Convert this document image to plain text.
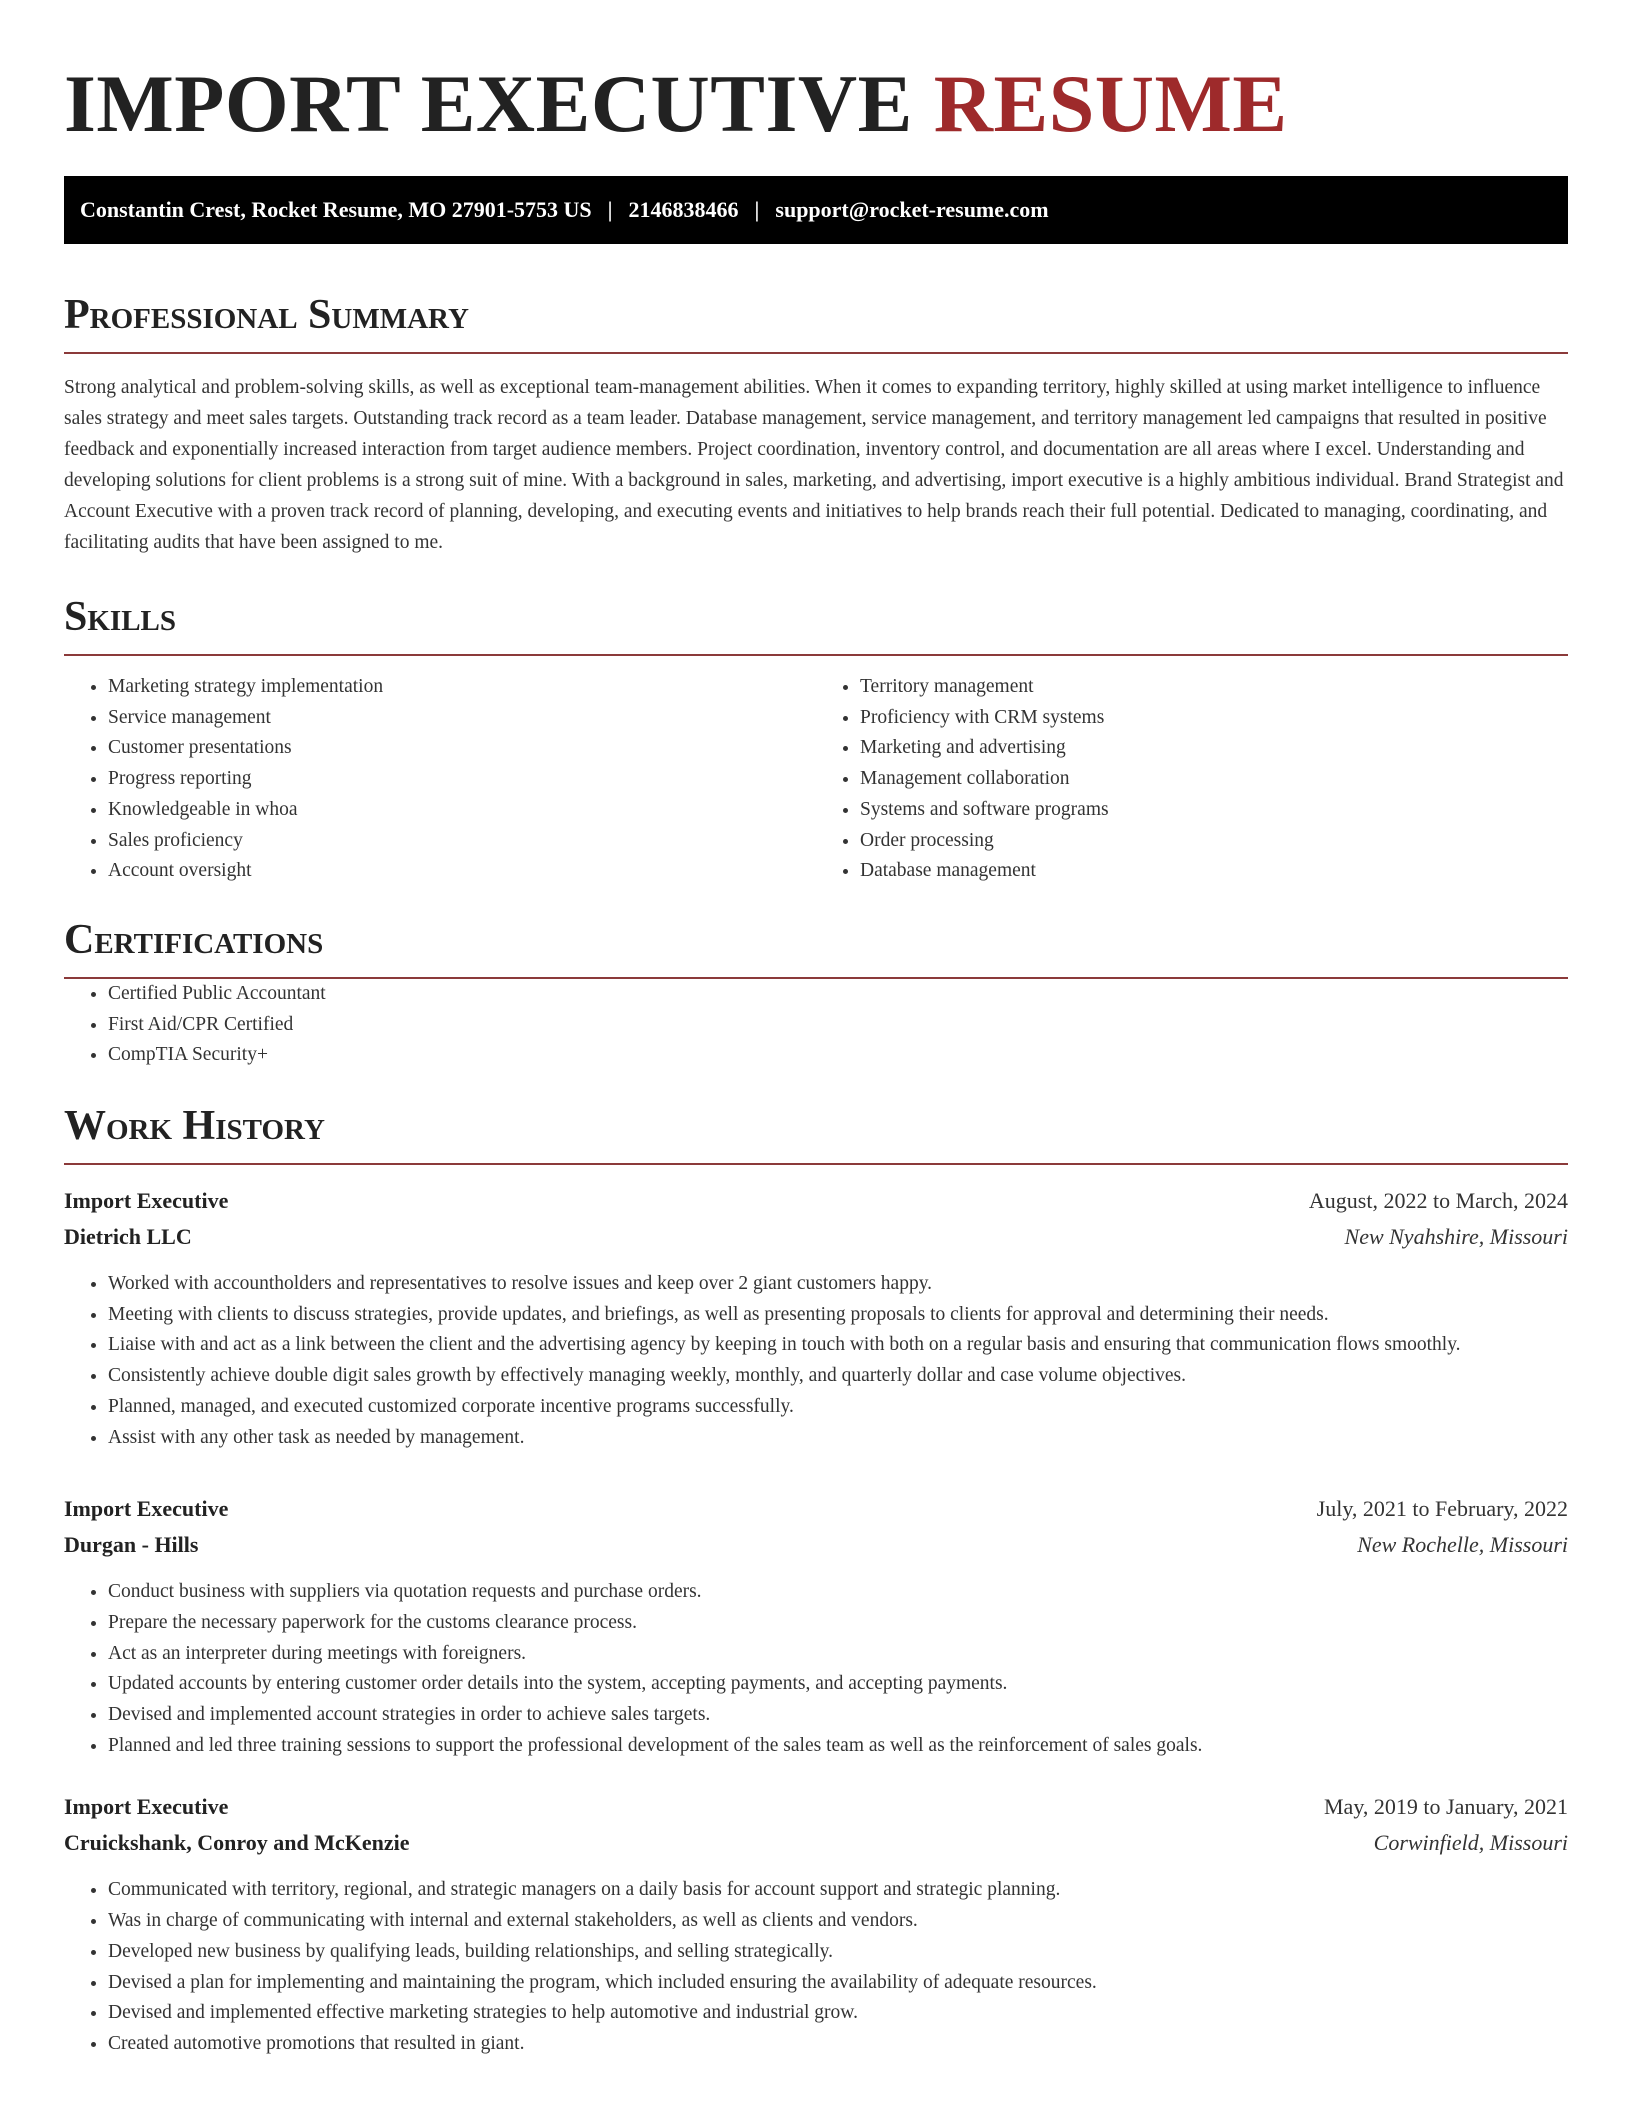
IMPORT EXECUTIVE RESUME
Constantin Crest, Rocket Resume, MO 27901-5753 US | 2146838466 | support@rocket-resume.com
Professional Summary

Strong analytical and problem-solving skills, as well as exceptional team-management abilities. When it comes to expanding territory, highly skilled at using market intelligence to influence sales strategy and meet sales targets. Outstanding track record as a team leader. Database management, service management, and territory management led campaigns that resulted in positive feedback and exponentially increased interaction from target audience members. Project coordination, inventory control, and documentation are all areas where I excel. Understanding and developing solutions for client problems is a strong suit of mine. With a background in sales, marketing, and advertising, import executive is a highly ambitious individual. Brand Strategist and Account Executive with a proven track record of planning, developing, and executing events and initiatives to help brands reach their full potential. Dedicated to managing, coordinating, and facilitating audits that have been assigned to me.

Skills
• Marketing strategy implementation
• Service management
• Customer presentations
• Progress reporting
• Knowledgeable in whoa
• Sales proficiency
• Account oversight
• Territory management
• Proficiency with CRM systems
• Marketing and advertising
• Management collaboration
• Systems and software programs
• Order processing
• Database management
Certifications
• Certified Public Accountant
• First Aid/CPR Certified
• CompTIA Security+
Work History
Import Executive	August, 2022 to March, 2024
Dietrich LLC	New Nyahshire, Missouri
• Worked with accountholders and representatives to resolve issues and keep over 2 giant customers happy.
• Meeting with clients to discuss strategies, provide updates, and briefings, as well as presenting proposals to clients for approval and determining their needs.
• Liaise with and act as a link between the client and the advertising agency by keeping in touch with both on a regular basis and ensuring that communication flows smoothly.
• Consistently achieve double digit sales growth by effectively managing weekly, monthly, and quarterly dollar and case volume objectives.
• Planned, managed, and executed customized corporate incentive programs successfully.
• Assist with any other task as needed by management.
Import Executive	July, 2021 to February, 2022
Durgan - Hills	New Rochelle, Missouri
• Conduct business with suppliers via quotation requests and purchase orders.
• Prepare the necessary paperwork for the customs clearance process.
• Act as an interpreter during meetings with foreigners.
• Updated accounts by entering customer order details into the system, accepting payments, and accepting payments.
• Devised and implemented account strategies in order to achieve sales targets.
• Planned and led three training sessions to support the professional development of the sales team as well as the reinforcement of sales goals.
Import Executive	May, 2019 to January, 2021
Cruickshank, Conroy and McKenzie	Corwinfield, Missouri
• Communicated with territory, regional, and strategic managers on a daily basis for account support and strategic planning.
• Was in charge of communicating with internal and external stakeholders, as well as clients and vendors.
• Developed new business by qualifying leads, building relationships, and selling strategically.
• Devised a plan for implementing and maintaining the program, which included ensuring the availability of adequate resources.
• Devised and implemented effective marketing strategies to help automotive and industrial grow.
• Created automotive promotions that resulted in giant.
